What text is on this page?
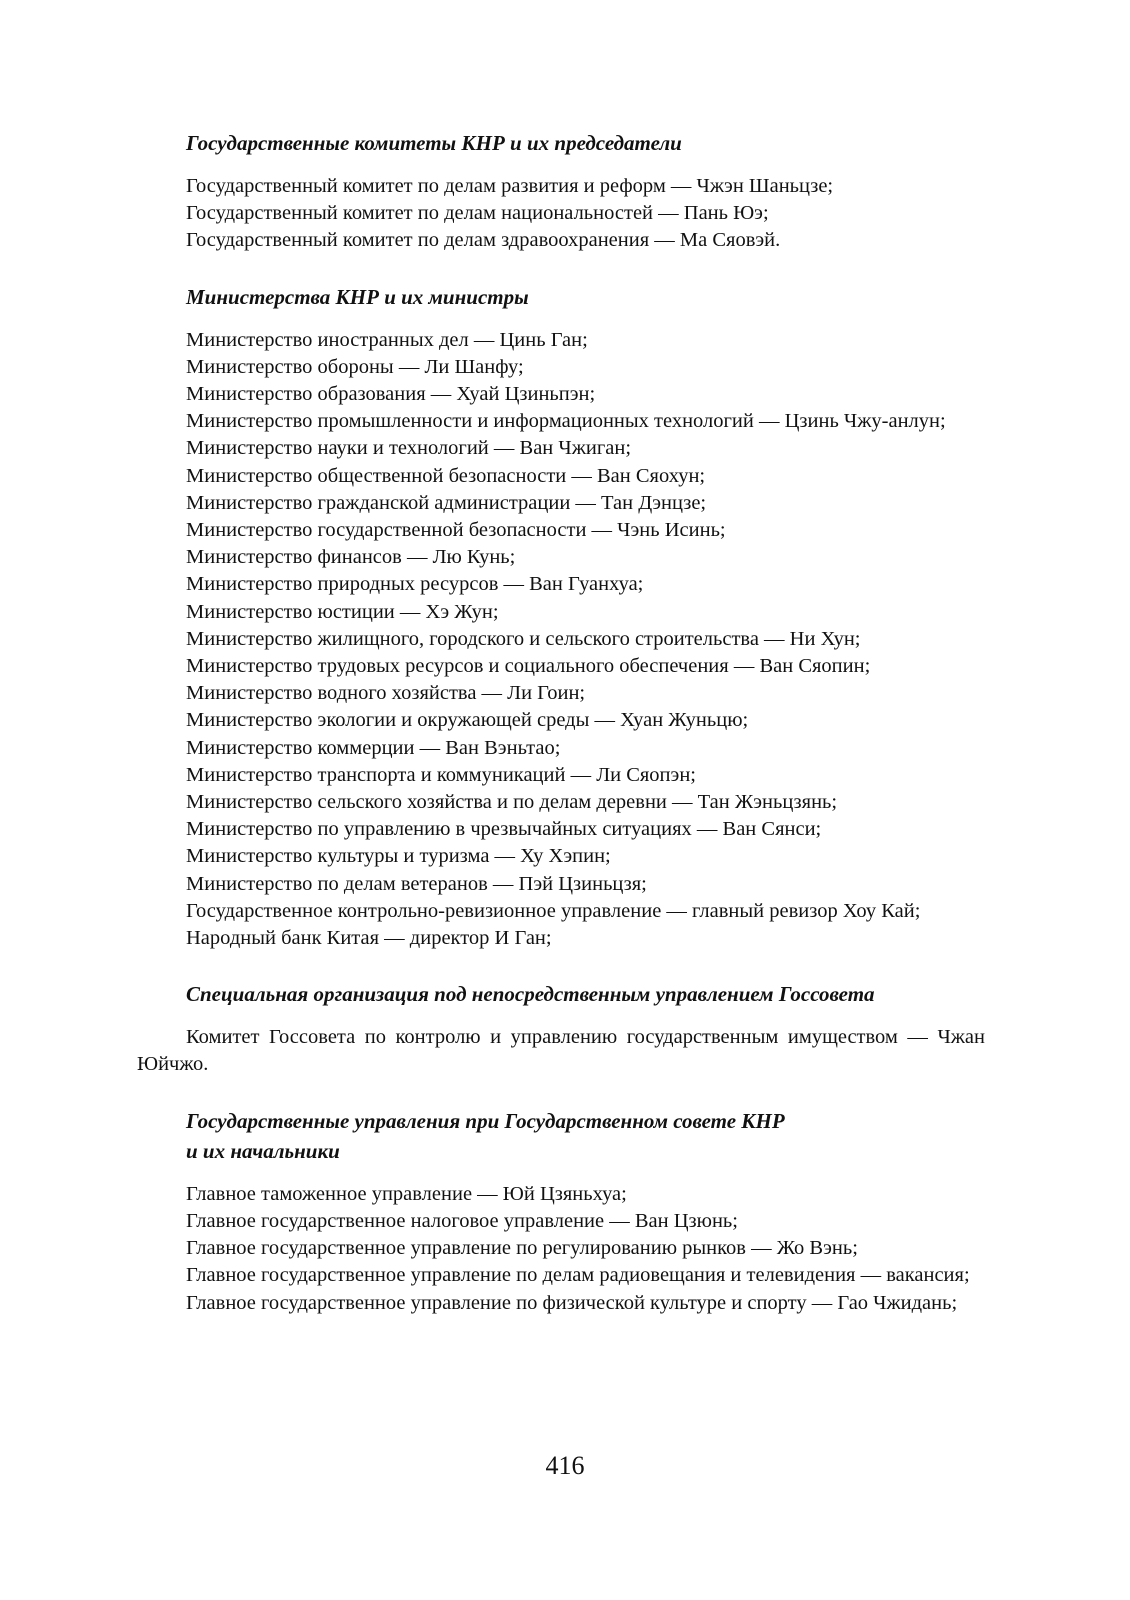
Государственные комитеты КНР и их председатели
Государственный комитет по делам развития и реформ — Чжэн Шаньцзе;
Государственный комитет по делам национальностей — Пань Юэ;
Государственный комитет по делам здравоохранения — Ма Сяовэй.
Министерства КНР и их министры
Министерство иностранных дел — Цинь Ган;
Министерство обороны — Ли Шанфу;
Министерство образования — Хуай Цзиньпэн;
Министерство промышленности и информационных технологий — Цзинь Чжу-анлун;
Министерство науки и технологий — Ван Чжиган;
Министерство общественной безопасности — Ван Сяохун;
Министерство гражданской администрации — Тан Дэнцзе;
Министерство государственной безопасности — Чэнь Исинь;
Министерство финансов — Лю Кунь;
Министерство природных ресурсов — Ван Гуанхуа;
Министерство юстиции — Хэ Жун;
Министерство жилищного, городского и сельского строительства — Ни Хун;
Министерство трудовых ресурсов и социального обеспечения — Ван Сяопин;
Министерство водного хозяйства — Ли Гоин;
Министерство экологии и окружающей среды — Хуан Жуньцю;
Министерство коммерции — Ван Вэньтао;
Министерство транспорта и коммуникаций — Ли Сяопэн;
Министерство сельского хозяйства и по делам деревни — Тан Жэньцзянь;
Министерство по управлению в чрезвычайных ситуациях — Ван Сянси;
Министерство культуры и туризма — Ху Хэпин;
Министерство по делам ветеранов — Пэй Цзиньцзя;
Государственное контрольно-ревизионное управление — главный ревизор Хоу Кай;
Народный банк Китая — директор И Ган;
Специальная организация под непосредственным управлением Госсовета
Комитет Госсовета по контролю и управлению государственным имуществом — Чжан Юйчжо.
Государственные управления при Государственном совете КНР
и их начальники
Главное таможенное управление — Юй Цзяньхуа;
Главное государственное налоговое управление — Ван Цзюнь;
Главное государственное управление по регулированию рынков — Жо Вэнь;
Главное государственное управление по делам радиовещания и телевидения — вакансия;
Главное государственное управление по физической культуре и спорту — Гао Чжидань;
416
